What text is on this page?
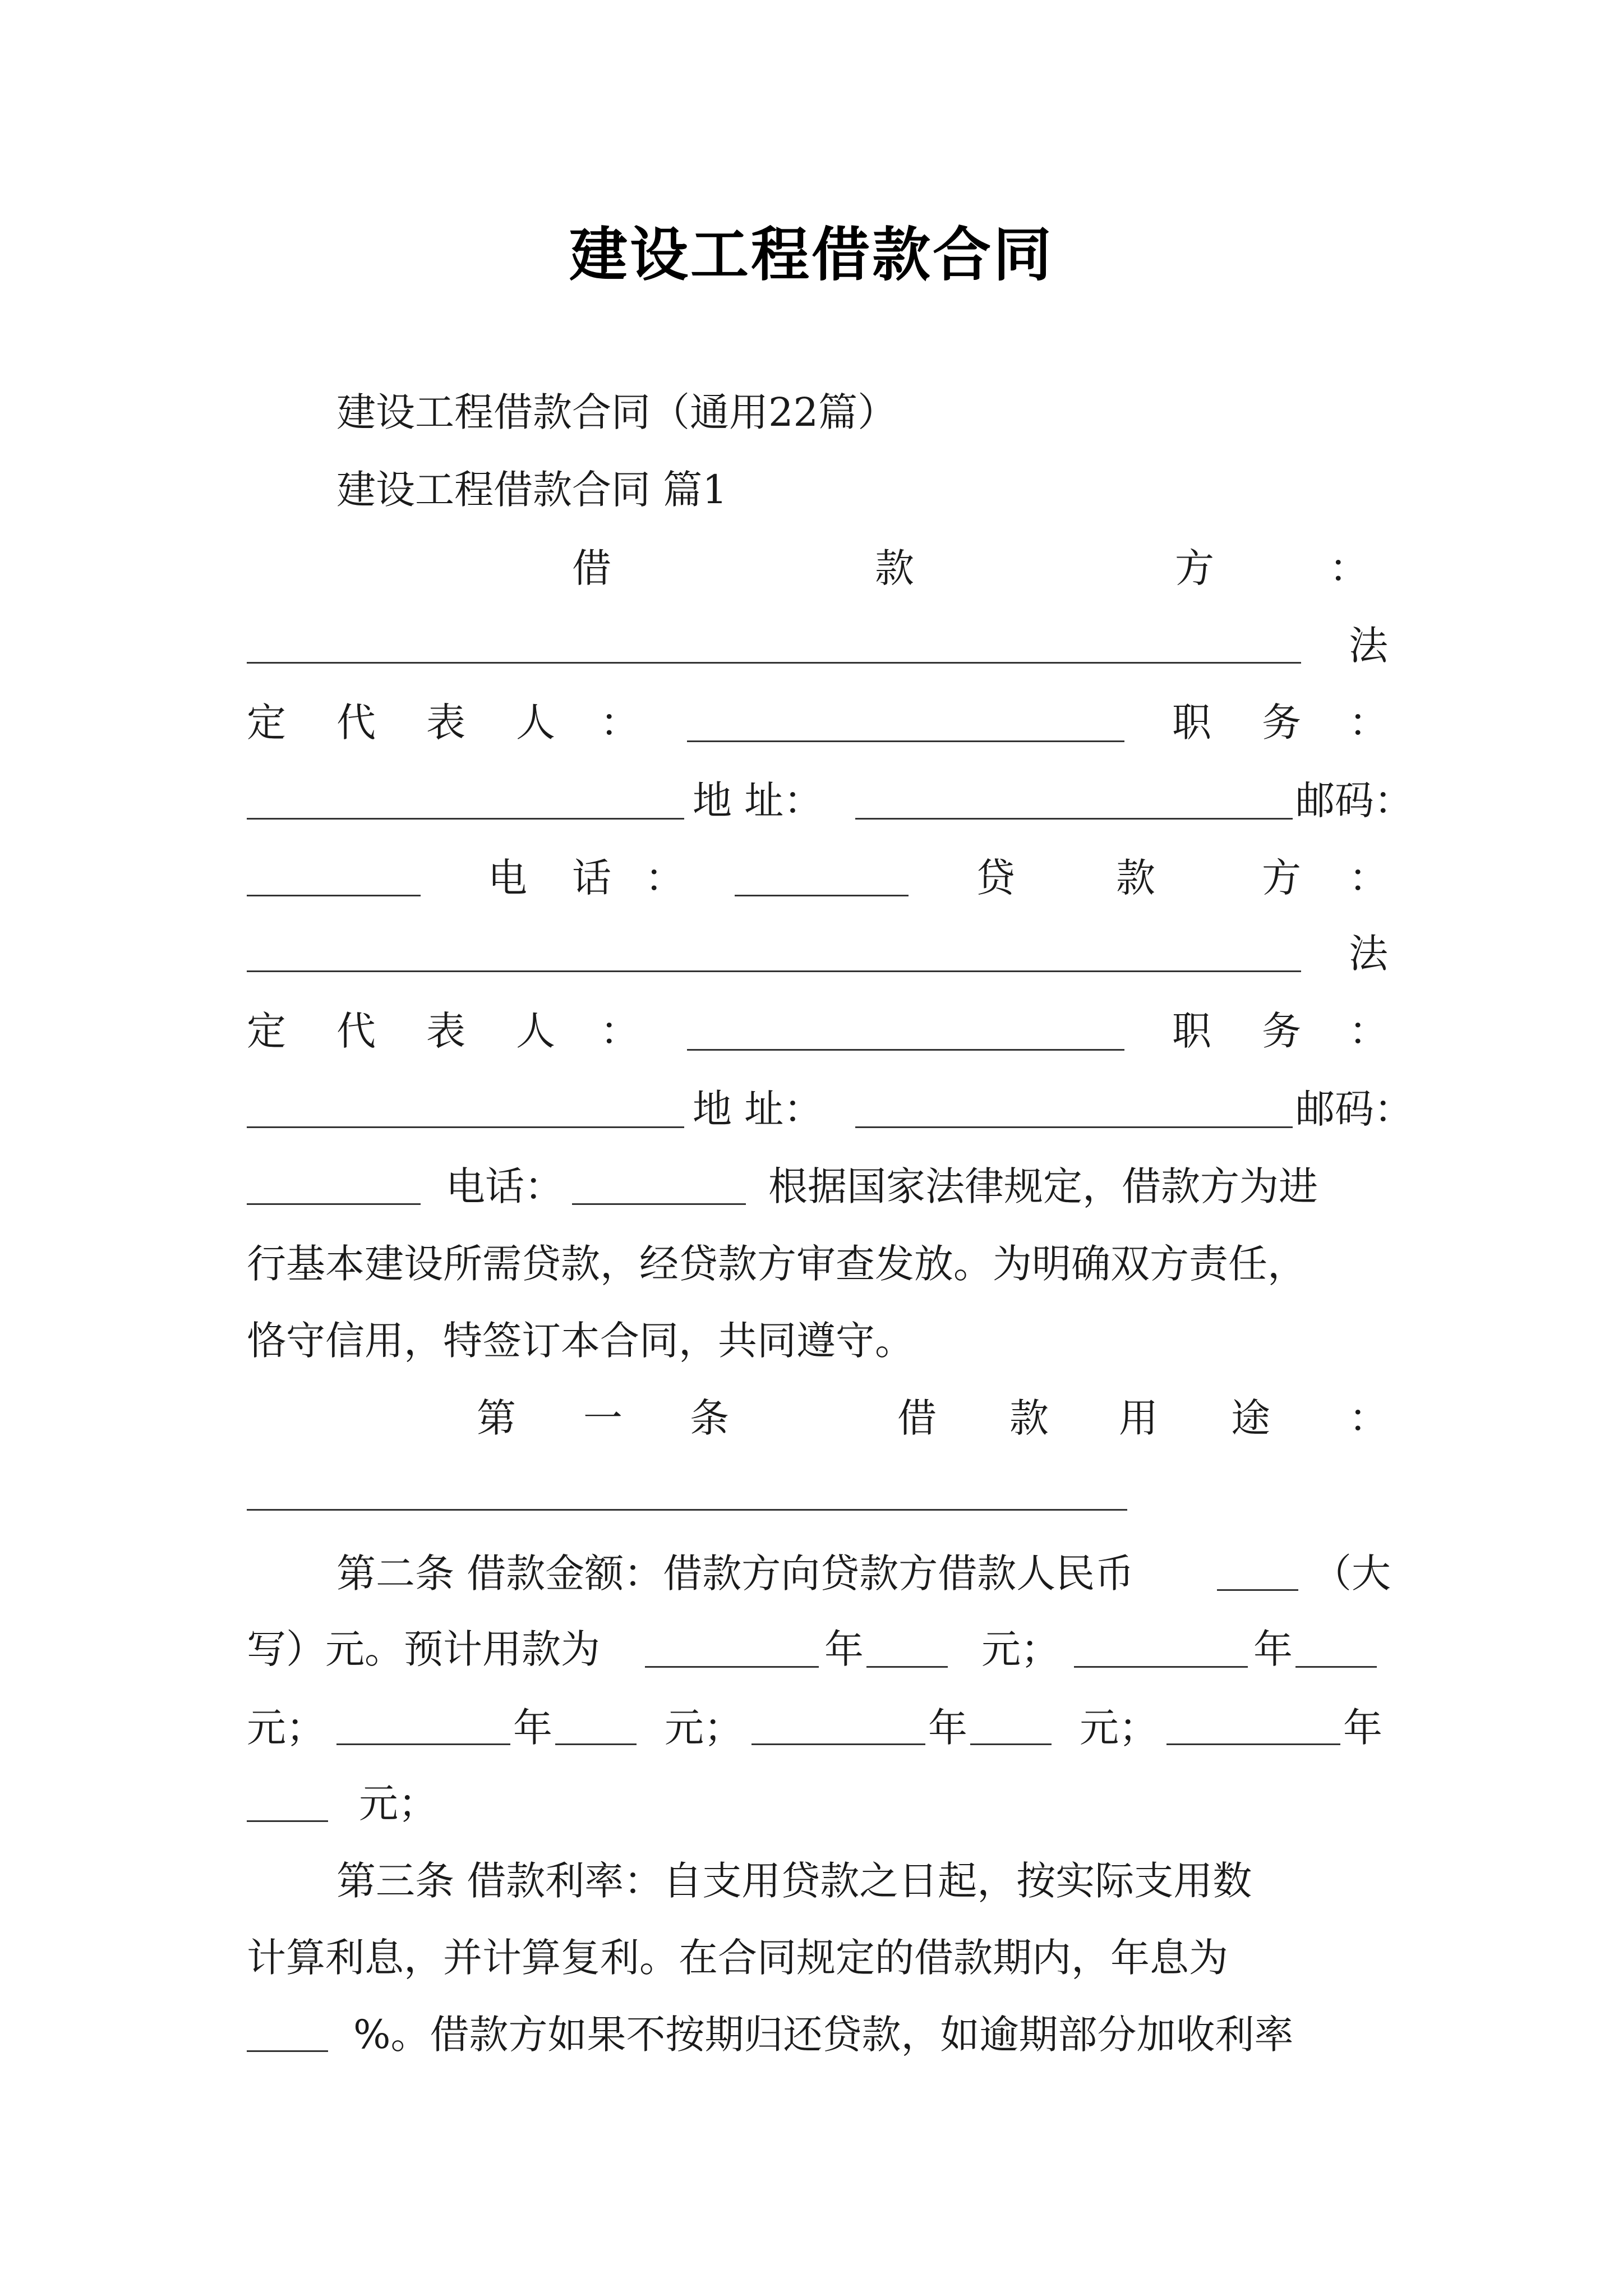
建设工程借款合同
建设工程借款合同（通用22篇）
建设工程借款合同 篇1
借	款	方	：
法
定 代 表 人 ：	职 务 ：
地 址：	邮码：
电 话 ：	贷	款	方 ：
法
定 代 表 人 ：	职 务 ：
地 址：	邮码：
电话：	根据国家法律规定，借款方为进
行基本建设所需贷款，经贷款方审查发放。为明确双方责任，
恪守信用，特签订本合同，共同遵守。
第 一 条	借 款 用 途 ：
第二条 借款金额：借款方向贷款方借款人民币	（大
写）元。预计用款为	年	元；	年
元；	年	元；	年	元；	年
元；
第三条 借款利率：自支用贷款之日起，按实际支用数
计算利息，并计算复利。在合同规定的借款期内，年息为
%。借款方如果不按期归还贷款，如逾期部分加收利率
